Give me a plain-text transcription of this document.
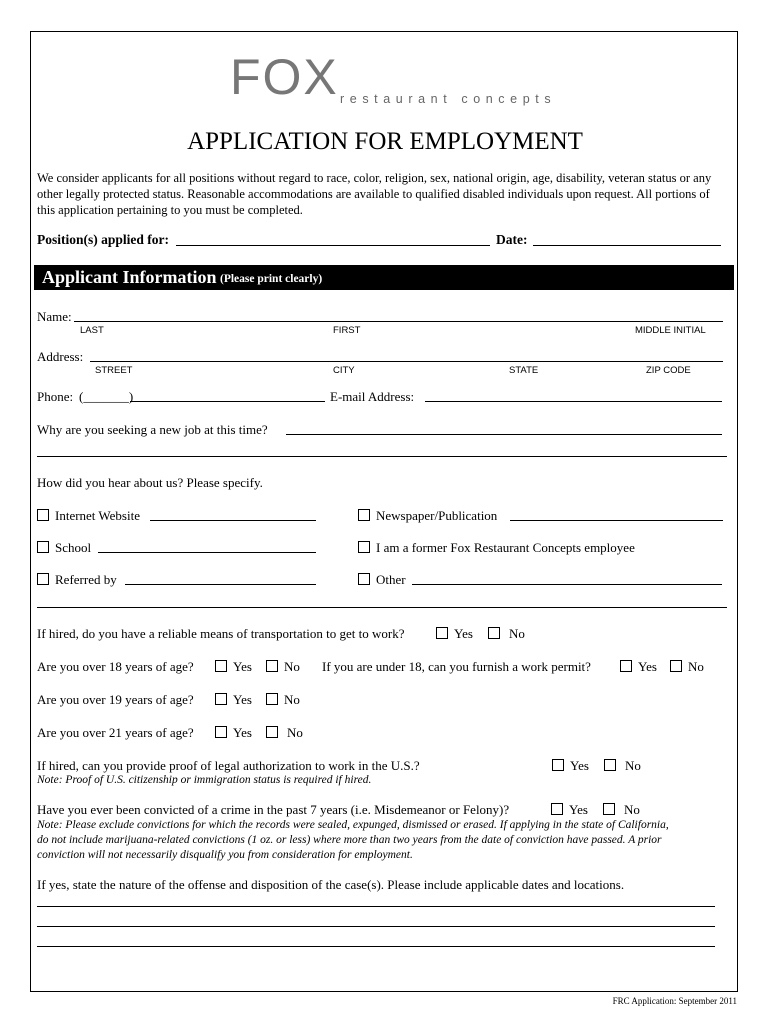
FOX restaurant concepts
APPLICATION FOR EMPLOYMENT
We consider applicants for all positions without regard to race, color, religion, sex, national origin, age, disability, veteran status or any other legally protected status. Reasonable accommodations are available to qualified disabled individuals upon request. All portions of this application pertaining to you must be completed.
Position(s) applied for:	Date:
Applicant Information (Please print clearly)
Name:
LAST	FIRST	MIDDLE INITIAL
Address:
STREET	CITY	STATE	ZIP CODE
Phone: (_______)	E-mail Address:
Why are you seeking a new job at this time?
How did you hear about us? Please specify.
Internet Website	Newspaper/Publication
School	I am a former Fox Restaurant Concepts employee
Referred by	Other
If hired, do you have a reliable means of transportation to get to work?	Yes	No
Are you over 18 years of age?	Yes No If you are under 18, can you furnish a work permit?	Yes No
Are you over 19 years of age?	Yes No
Are you over 21 years of age?	Yes	No
If hired, can you provide proof of legal authorization to work in the U.S.?	Yes	No
Note: Proof of U.S. citizenship or immigration status is required if hired.
Have you ever been convicted of a crime in the past 7 years (i.e. Misdemeanor or Felony)?	Yes	No
Note: Please exclude convictions for which the records were sealed, expunged, dismissed or erased. If applying in the state of California,
do not include marijuana-related convictions (1 oz. or less) where more than two years from the date of conviction have passed. A prior
conviction will not necessarily disqualify you from consideration for employment.
If yes, state the nature of the offense and disposition of the case(s). Please include applicable dates and locations.
FRC Application: September 2011
